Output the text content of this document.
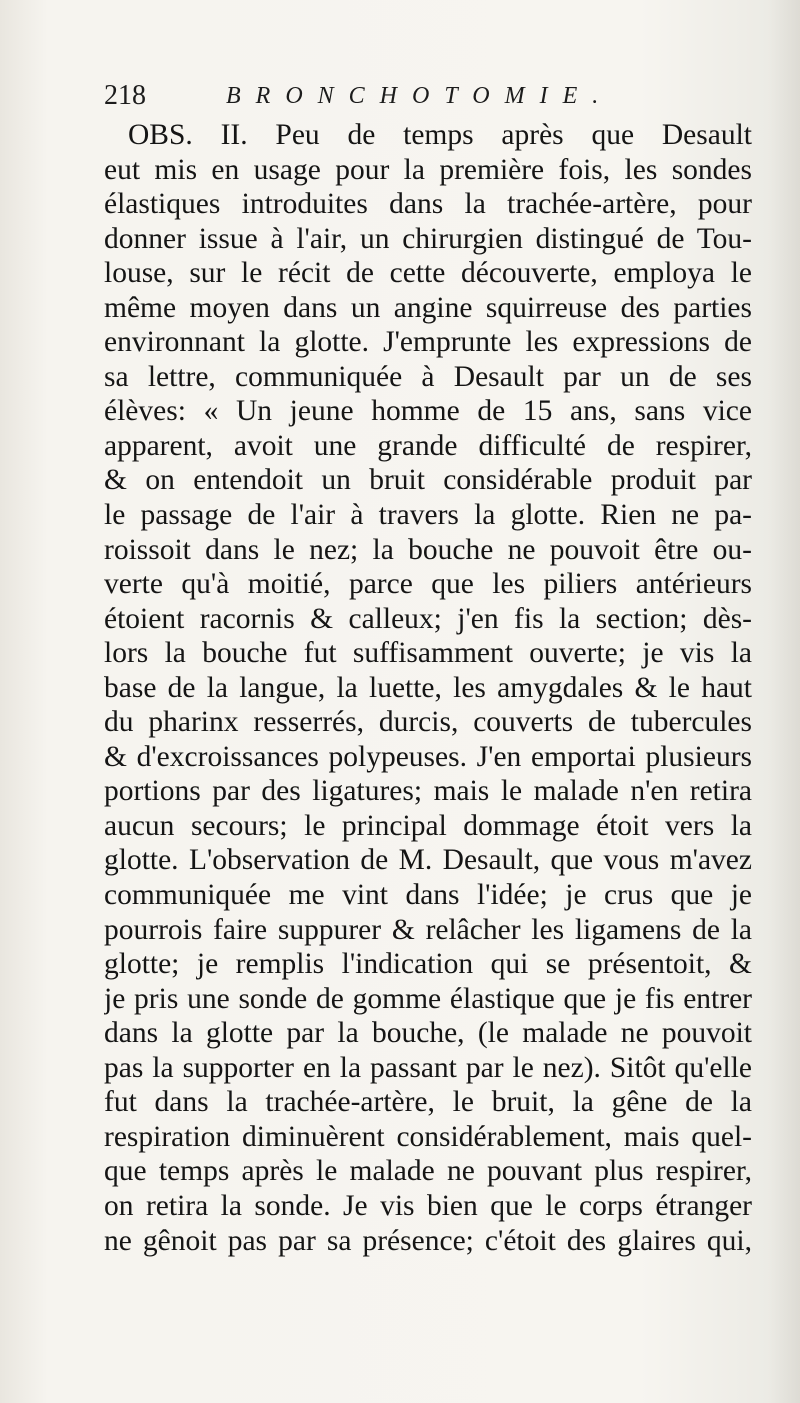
218	BRONCHOTOMIE.
OBS. II. Peu de temps après que Desault
eut mis en usage pour la première fois, les sondes
élastiques introduites dans la trachée-artère, pour
donner issue à l'air, un chirurgien distingué de Tou-
louse, sur le récit de cette découverte, employa le
même moyen dans un angine squirreuse des parties
environnant la glotte. J'emprunte les expressions de
sa lettre, communiquée à Desault par un de ses
élèves: « Un jeune homme de 15 ans, sans vice
apparent, avoit une grande difficulté de respirer,
& on entendoit un bruit considérable produit par
le passage de l'air à travers la glotte. Rien ne pa-
roissoit dans le nez; la bouche ne pouvoit être ou-
verte qu'à moitié, parce que les piliers antérieurs
étoient racornis & calleux; j'en fis la section; dès-
lors la bouche fut suffisamment ouverte; je vis la
base de la langue, la luette, les amygdales & le haut
du pharinx resserrés, durcis, couverts de tubercules
& d'excroissances polypeuses. J'en emportai plusieurs
portions par des ligatures; mais le malade n'en retira
aucun secours; le principal dommage étoit vers la
glotte. L'observation de M. Desault, que vous m'avez
communiquée me vint dans l'idée; je crus que je
pourrois faire suppurer & relâcher les ligamens de la
glotte; je remplis l'indication qui se présentoit, &
je pris une sonde de gomme élastique que je fis entrer
dans la glotte par la bouche, (le malade ne pouvoit
pas la supporter en la passant par le nez). Sitôt qu'elle
fut dans la trachée-artère, le bruit, la gêne de la
respiration diminuèrent considérablement, mais quel-
que temps après le malade ne pouvant plus respirer,
on retira la sonde. Je vis bien que le corps étranger
ne gênoit pas par sa présence; c'étoit des glaires qui,
